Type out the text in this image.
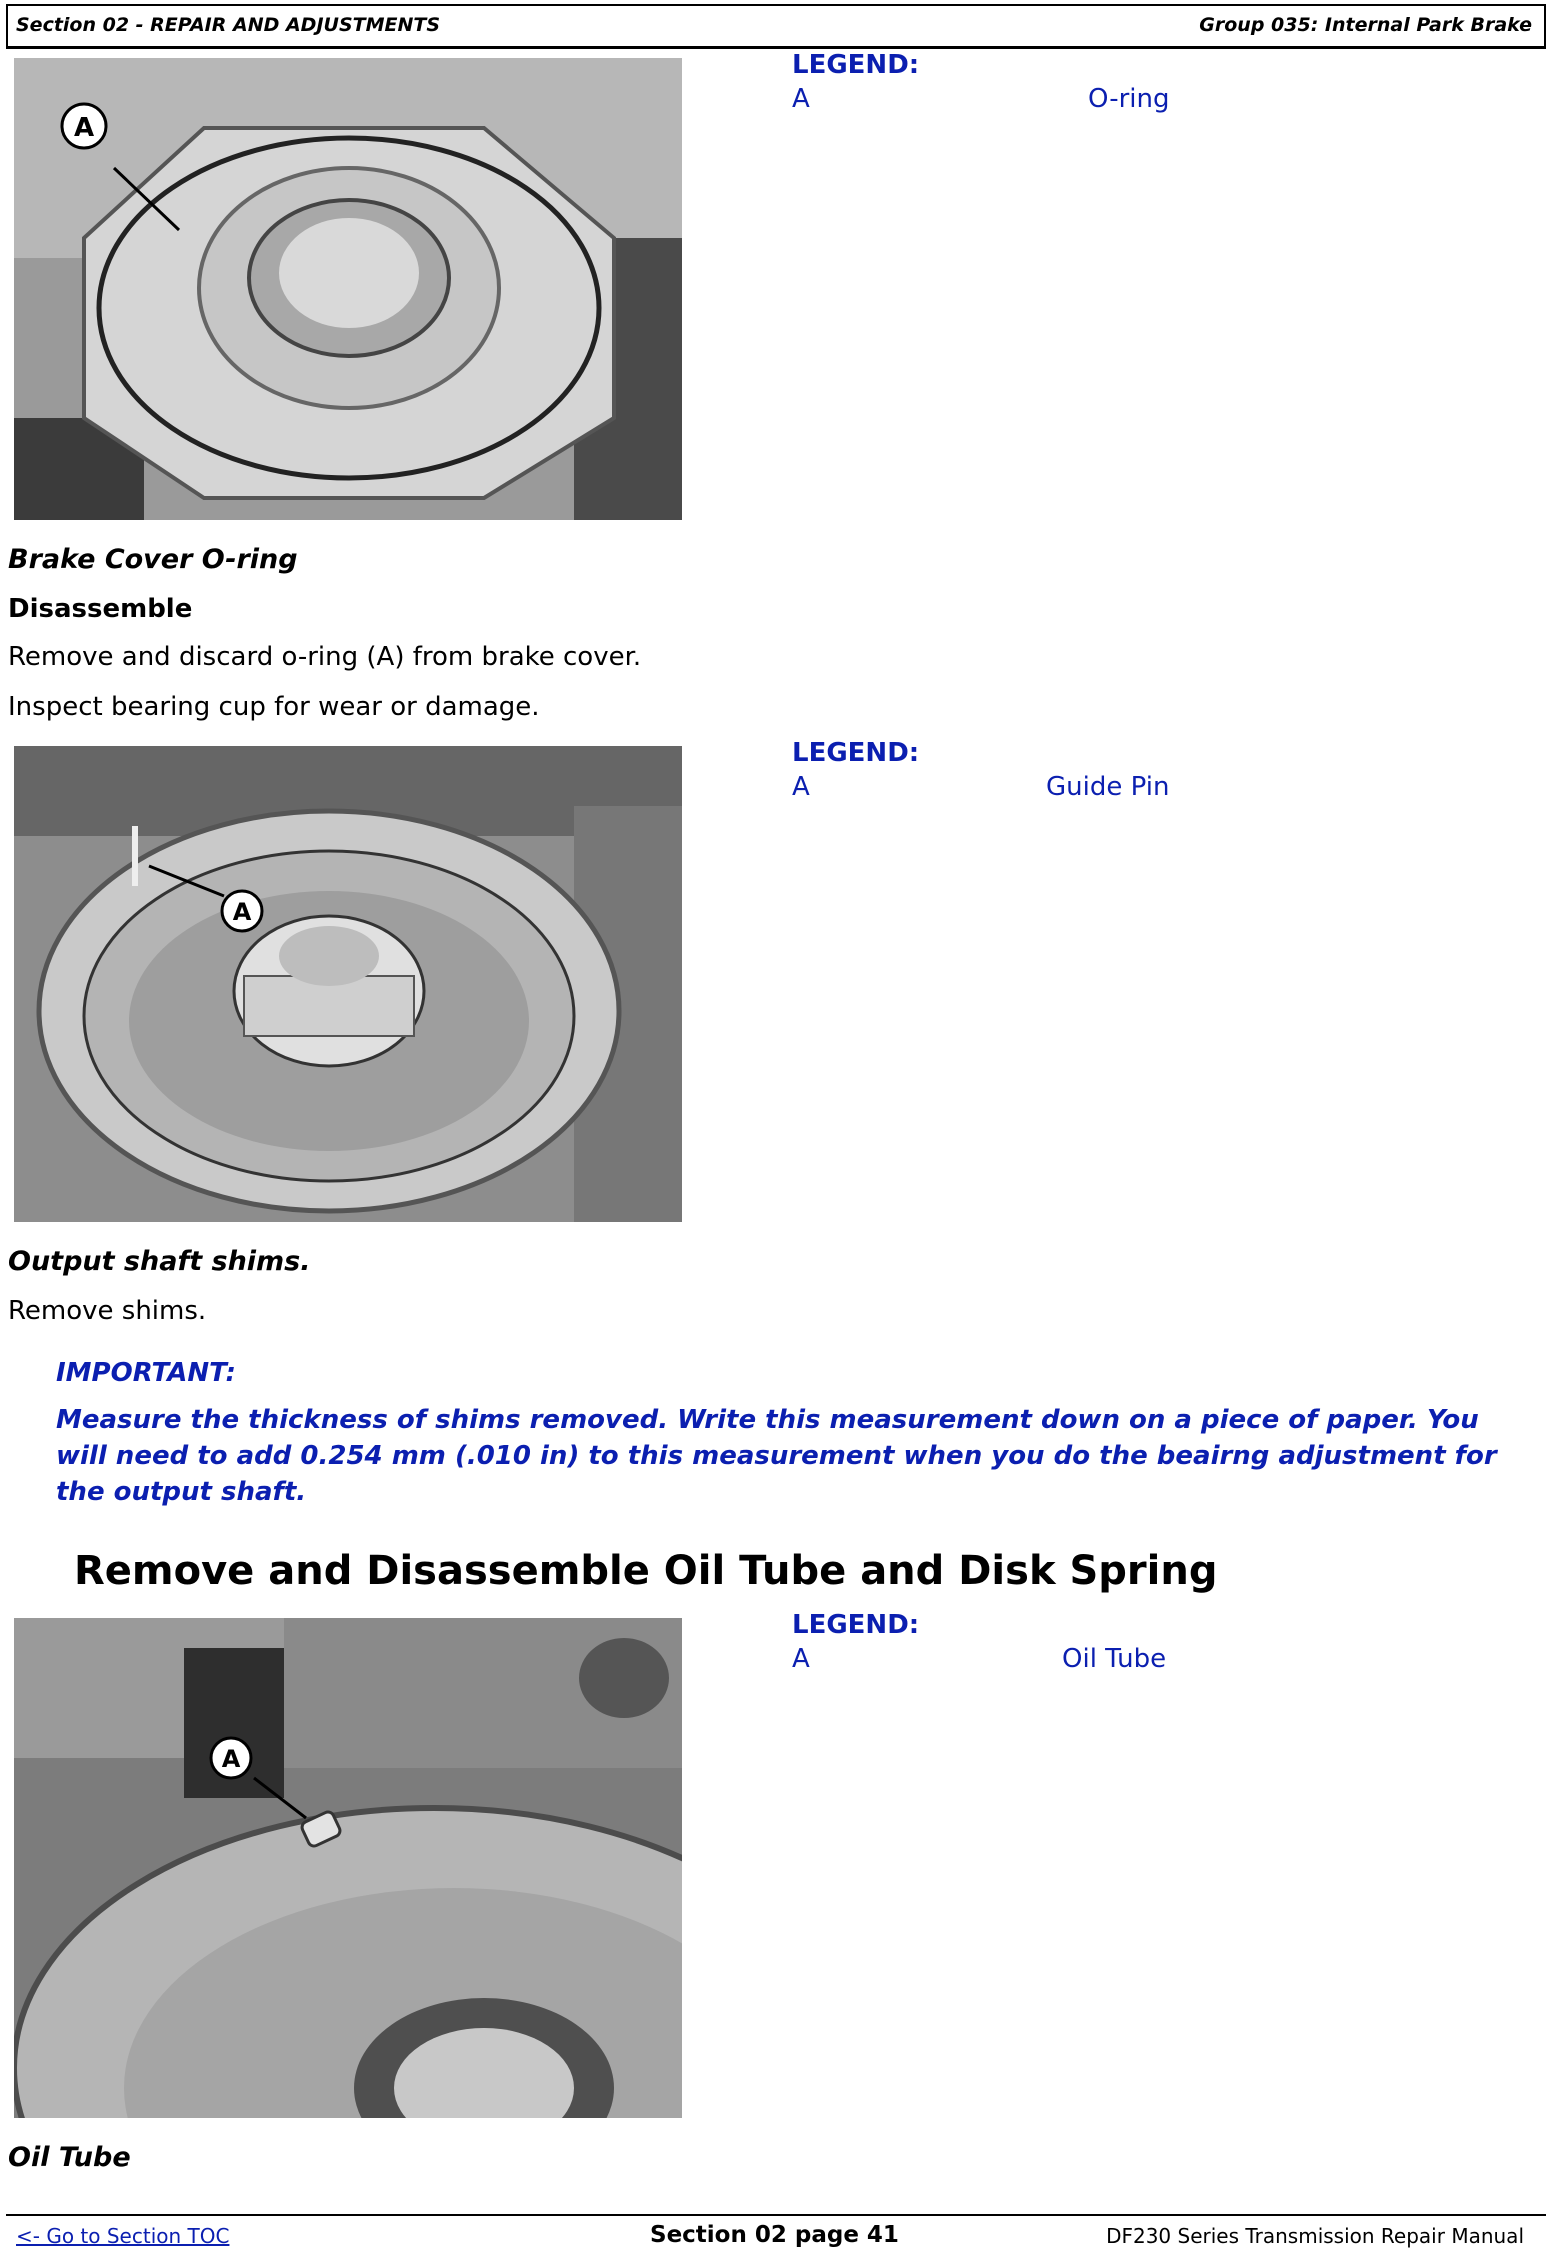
Section 02 - REPAIR AND ADJUSTMENTS	Group 035: Internal Park Brake
A
LEGEND:
A	O-ring
Brake Cover O-ring
Disassemble
Remove and discard o-ring (A) from brake cover.
Inspect bearing cup for wear or damage.
A
LEGEND:
A	Guide Pin
Output shaft shims.
Remove shims.
IMPORTANT:
Measure the thickness of shims removed. Write this measurement down on a piece of paper. You will need to add 0.254 mm (.010 in) to this measurement when you do the beairng adjustment for the output shaft.
Remove and Disassemble Oil Tube and Disk Spring
A
LEGEND:
A	Oil Tube
Oil Tube
<- Go to Section TOC	Section 02 page 41	DF230 Series Transmission Repair Manual
